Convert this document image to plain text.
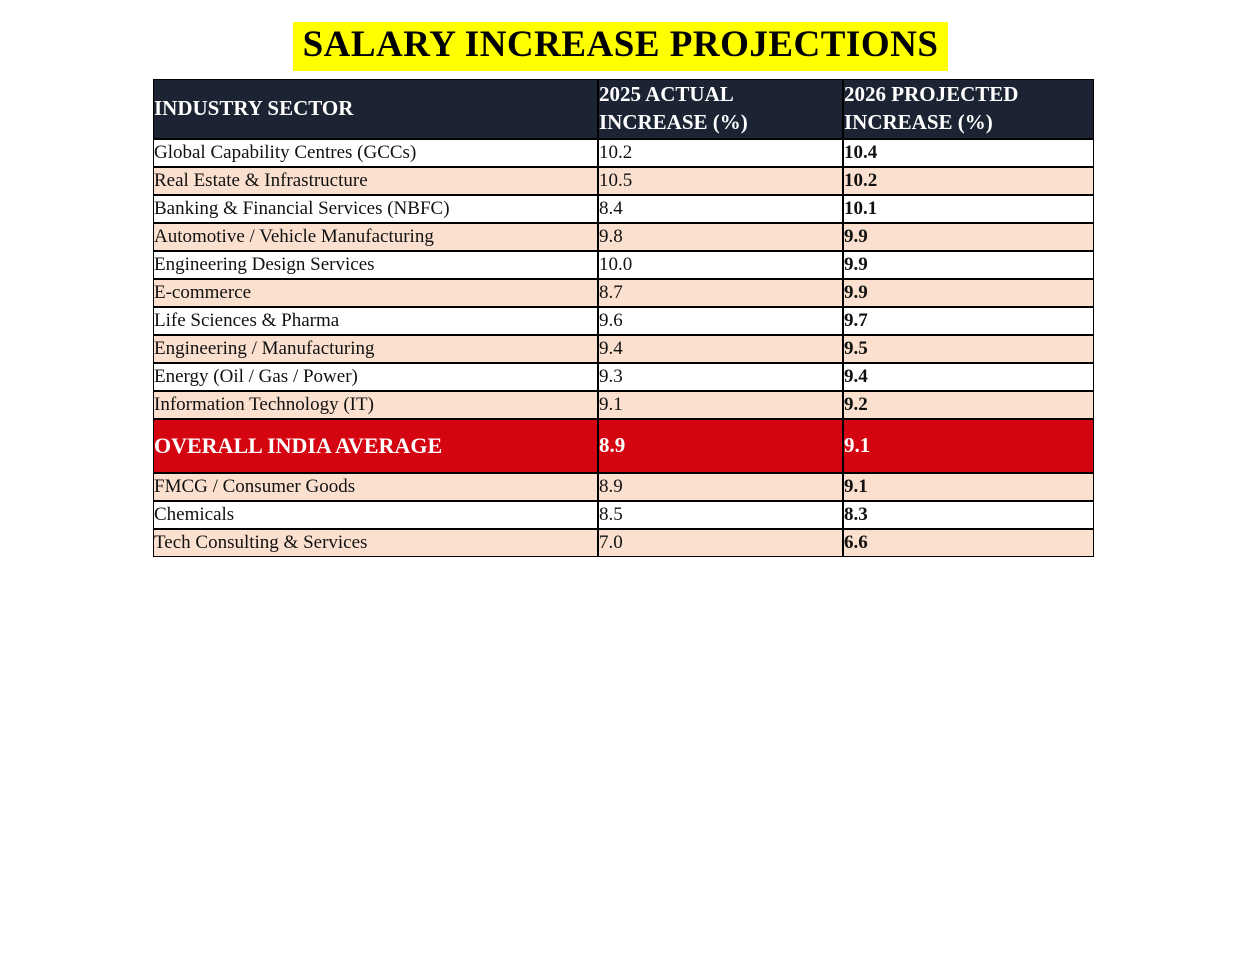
SALARY INCREASE PROJECTIONS
INDUSTRY SECTOR	2025 ACTUAL INCREASE (%)	2026 PROJECTED INCREASE (%)
Global Capability Centres (GCCs)	10.2	10.4
Real Estate & Infrastructure	10.5	10.2
Banking & Financial Services (NBFC)	8.4	10.1
Automotive / Vehicle Manufacturing	9.8	9.9
Engineering Design Services	10.0	9.9
E-commerce	8.7	9.9
Life Sciences & Pharma	9.6	9.7
Engineering / Manufacturing	9.4	9.5
Energy (Oil / Gas / Power)	9.3	9.4
Information Technology (IT)	9.1	9.2
OVERALL INDIA AVERAGE	8.9	9.1
FMCG / Consumer Goods	8.9	9.1
Chemicals	8.5	8.3
Tech Consulting & Services	7.0	6.6
